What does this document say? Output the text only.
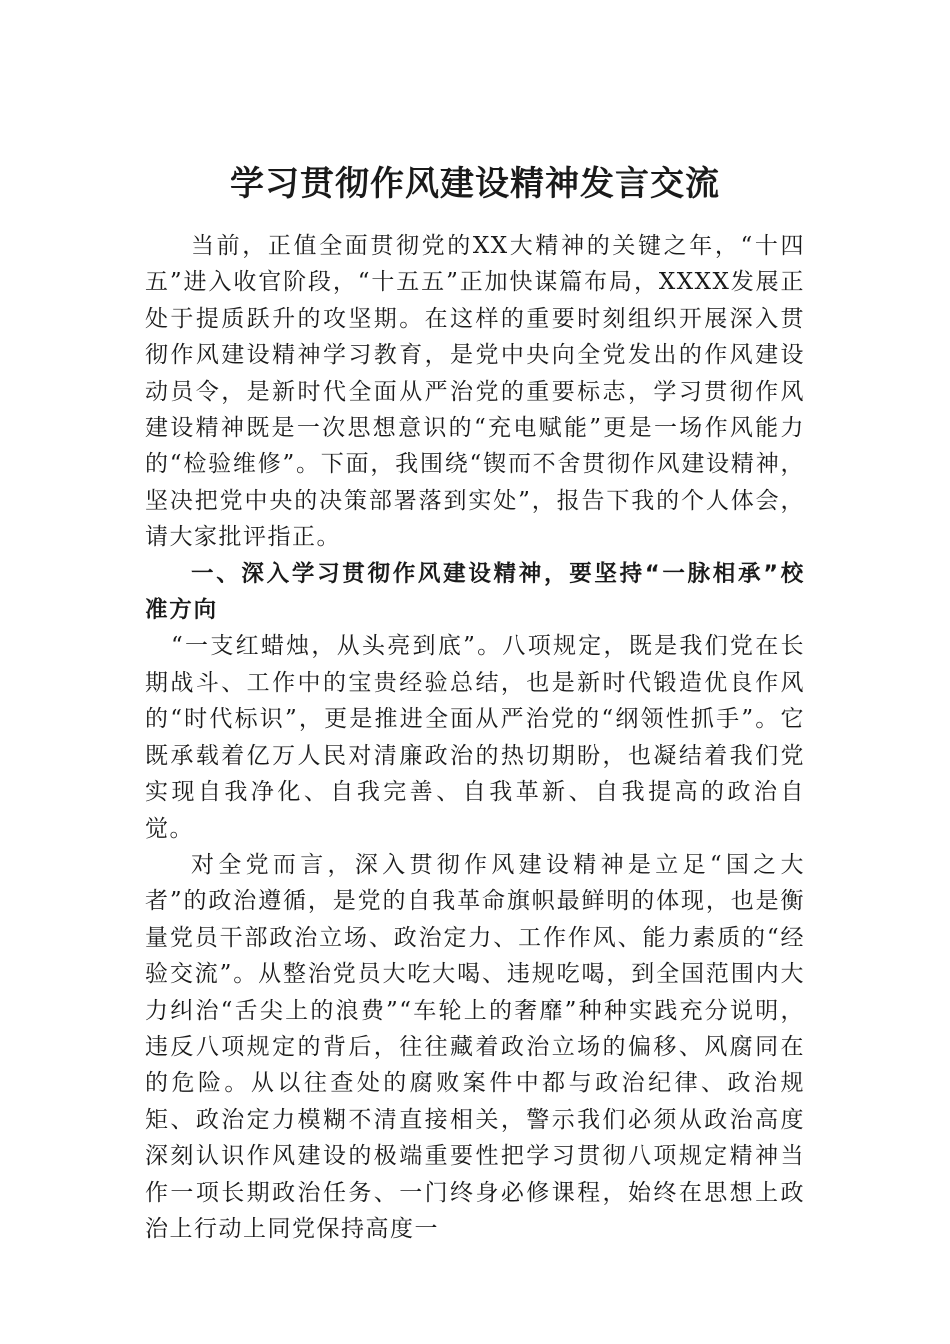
学习贯彻作风建设精神发言交流

当前，正值全面贯彻党的XX大精神的关键之年，“十四五”进入收官阶段，“十五五”正加快谋篇布局，XXXX发展正处于提质跃升的攻坚期。在这样的重要时刻组织开展深入贯彻作风建设精神学习教育，是党中央向全党发出的作风建设动员令，是新时代全面从严治党的重要标志，学习贯彻作风建设精神既是一次思想意识的“充电赋能”更是一场作风能力的“检验维修”。下面，我围绕“锲而不舍贯彻作风建设精神，坚决把党中央的决策部署落到实处”，报告下我的个人体会，请大家批评指正。

一、深入学习贯彻作风建设精神，要坚持“一脉相承”校准方向

“一支红蜡烛，从头亮到底”。八项规定，既是我们党在长期战斗、工作中的宝贵经验总结，也是新时代锻造优良作风的“时代标识”，更是推进全面从严治党的“纲领性抓手”。它既承载着亿万人民对清廉政治的热切期盼，也凝结着我们党实现自我净化、自我完善、自我革新、自我提高的政治自觉。

对全党而言，深入贯彻作风建设精神是立足“国之大者”的政治遵循，是党的自我革命旗帜最鲜明的体现，也是衡量党员干部政治立场、政治定力、工作作风、能力素质的“经验交流”。从整治党员大吃大喝、违规吃喝，到全国范围内大力纠治“舌尖上的浪费”“车轮上的奢靡”种种实践充分说明，违反八项规定的背后，往往藏着政治立场的偏移、风腐同在的危险。从以往查处的腐败案件中都与政治纪律、政治规矩、政治定力模糊不清直接相关，警示我们必须从政治高度深刻认识作风建设的极端重要性把学习贯彻八项规定精神当作一项长期政治任务、一门终身必修课程，始终在思想上政治上行动上同党保持高度一
